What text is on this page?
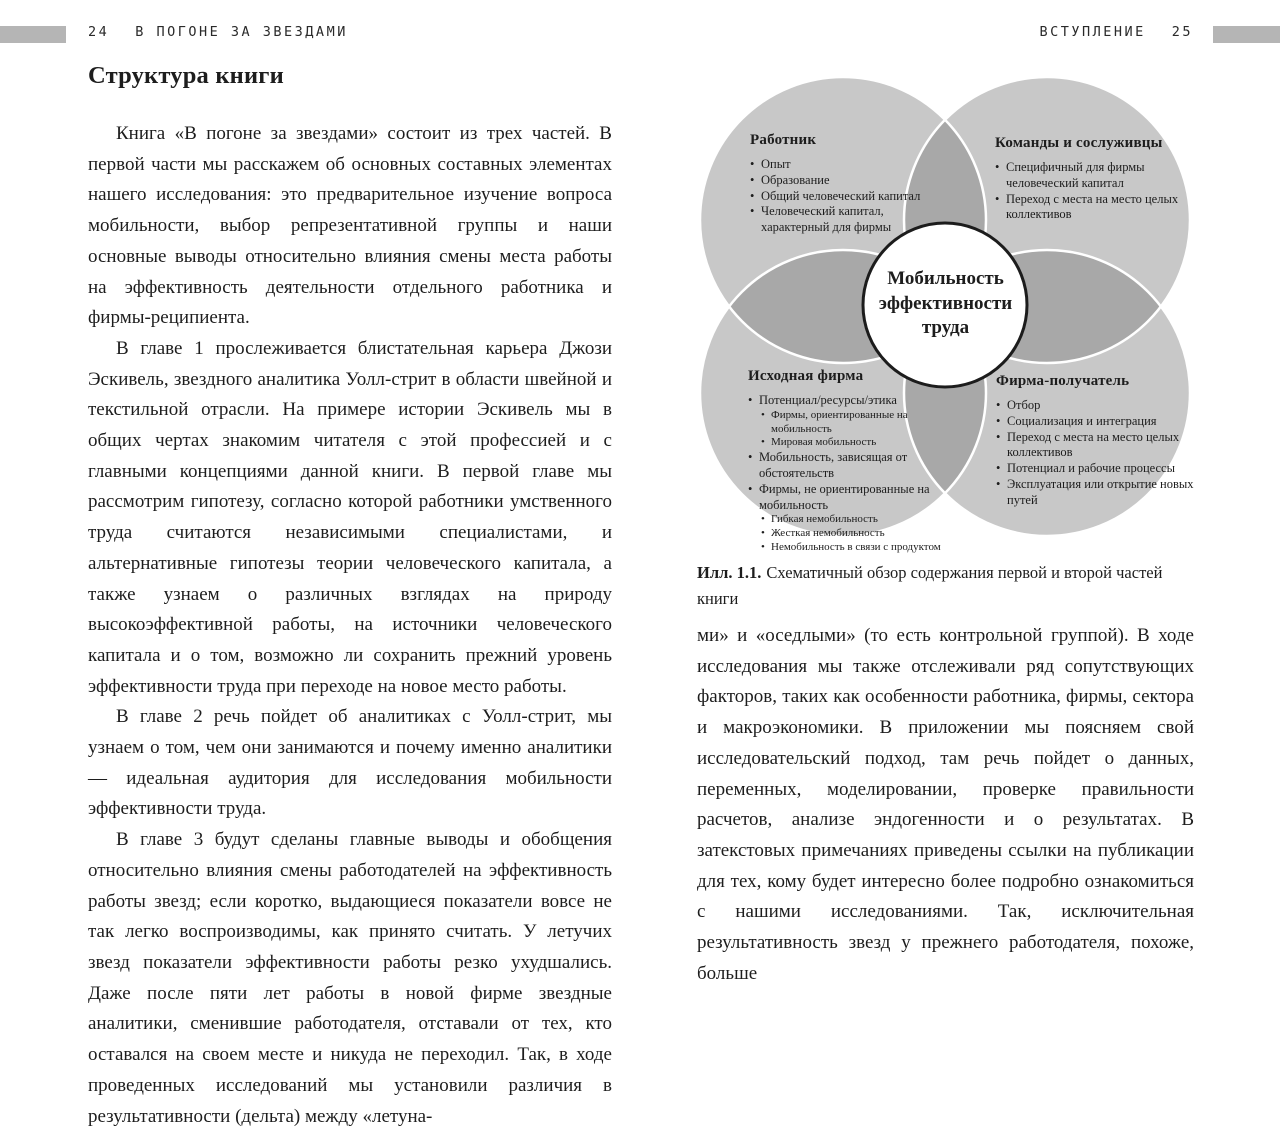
24 В ПОГОНЕ ЗА ЗВЕЗДАМИ	ВСТУПЛЕНИЕ 25
Структура книги

Книга «В погоне за звездами» состоит из трех частей. В первой части мы расскажем об основных составных элементах нашего исследования: это предварительное изучение вопроса мобильности, выбор репрезентативной группы и наши основные выводы относительно влияния смены места работы на эффективность деятельности отдельного работника и фирмы-реципиента.

В главе 1 прослеживается блистательная карьера Джози Эскивель, звездного аналитика Уолл-стрит в области швейной и текстильной отрасли. На примере истории Эскивель мы в общих чертах знакомим читателя с этой профессией и с главными концепциями данной книги. В первой главе мы рассмотрим гипотезу, согласно которой работники умственного труда считаются независимыми специалистами, и альтернативные гипотезы теории человеческого капитала, а также узнаем о различных взглядах на природу высокоэффективной работы, на источники человеческого капитала и о том, возможно ли сохранить прежний уровень эффективности труда при переходе на новое место работы.

В главе 2 речь пойдет об аналитиках с Уолл-стрит, мы узнаем о том, чем они занимаются и почему именно аналитики — идеальная аудитория для исследования мобильности эффективности труда.

В главе 3 будут сделаны главные выводы и обобщения относительно влияния смены работодателей на эффективность работы звезд; если коротко, выдающиеся показатели вовсе не так легко воспроизводимы, как принято считать. У летучих звезд показатели эффективности работы резко ухудшались. Даже после пяти лет работы в новой фирме звездные аналитики, сменившие работодателя, отставали от тех, кто оставался на своем месте и никуда не переходил. Так, в ходе проведенных исследований мы установили различия в результативности (дельта) между «летуна-

Работник
• Опыт
• Образование
• Общий человеческий капитал
• Человеческий капитал, характерный для фирмы
Команды и сослуживцы
• Специфичный для фирмы человеческий капитал
• Переход с места на место целых коллективов
Исходная фирма
• Потенциал/ресурсы/этика
• Фирмы, ориентированные на мобильность
• Мировая мобильность
• Мобильность, зависящая от обстоятельств
• Фирмы, не ориентированные на мобильность
• Гибкая немобильность
• Жесткая немобильность
• Немобильность в связи с продуктом
Фирма-получатель
• Отбор
• Социализация и интеграция
• Переход с места на место целых коллективов
• Потенциал и рабочие процессы
• Эксплуатация или открытие новых путей
Мобильность эффективности труда
Илл. 1.1. Схематичный обзор содержания первой и второй частей книги

ми» и «оседлыми» (то есть контрольной группой). В ходе исследования мы также отслеживали ряд сопутствующих факторов, таких как особенности работника, фирмы, сектора и макроэкономики. В приложении мы поясняем свой исследовательский подход, там речь пойдет о данных, переменных, моделировании, проверке правильности расчетов, анализе эндогенности и о результатах. В затекстовых примечаниях приведены ссылки на публикации для тех, кому будет интересно более подробно ознакомиться с нашими исследованиями. Так, исключительная результативность звезд у прежнего работодателя, похоже, больше
